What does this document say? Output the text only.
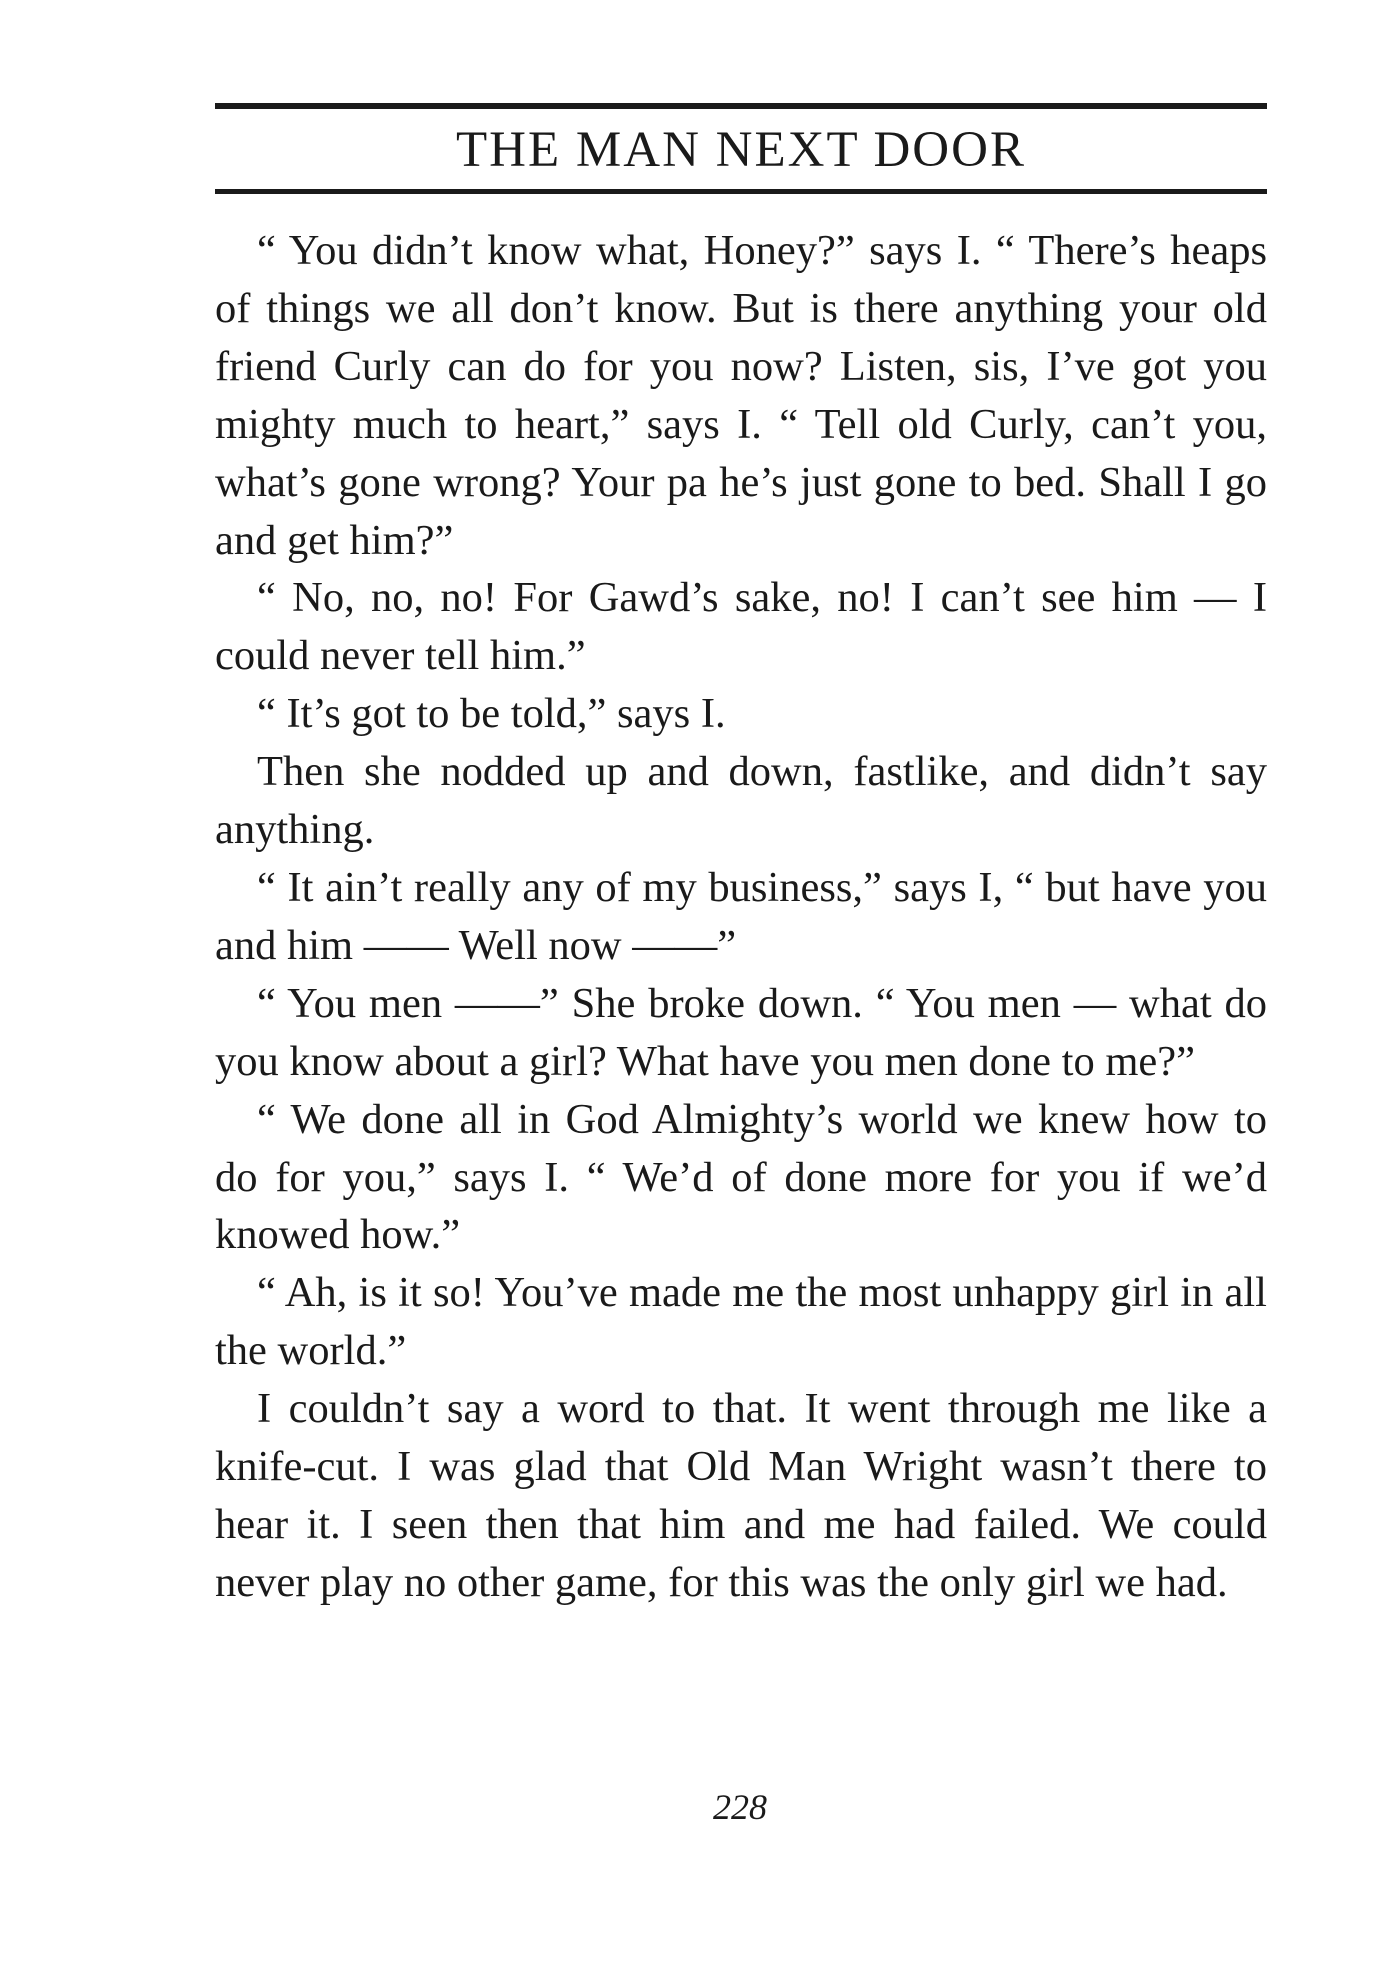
THE MAN NEXT DOOR

“ You didn’t know what, Honey?” says I. “ There’s heaps of things we all don’t know. But is there anything your old friend Curly can do for you now? Listen, sis, I’ve got you mighty much to heart,” says I. “ Tell old Curly, can’t you, what’s gone wrong? Your pa he’s just gone to bed. Shall I go and get him?”

“ No, no, no! For Gawd’s sake, no! I can’t see him — I could never tell him.”

“ It’s got to be told,” says I.

Then she nodded up and down, fastlike, and didn’t say anything.

“ It ain’t really any of my business,” says I, “ but have you and him —— Well now ——”

“ You men ——” She broke down. “ You men — what do you know about a girl? What have you men done to me?”

“ We done all in God Almighty’s world we knew how to do for you,” says I. “ We’d of done more for you if we’d knowed how.”

“ Ah, is it so! You’ve made me the most unhappy girl in all the world.”

I couldn’t say a word to that. It went through me like a knife-cut. I was glad that Old Man Wright wasn’t there to hear it. I seen then that him and me had failed. We could never play no other game, for this was the only girl we had.

228
